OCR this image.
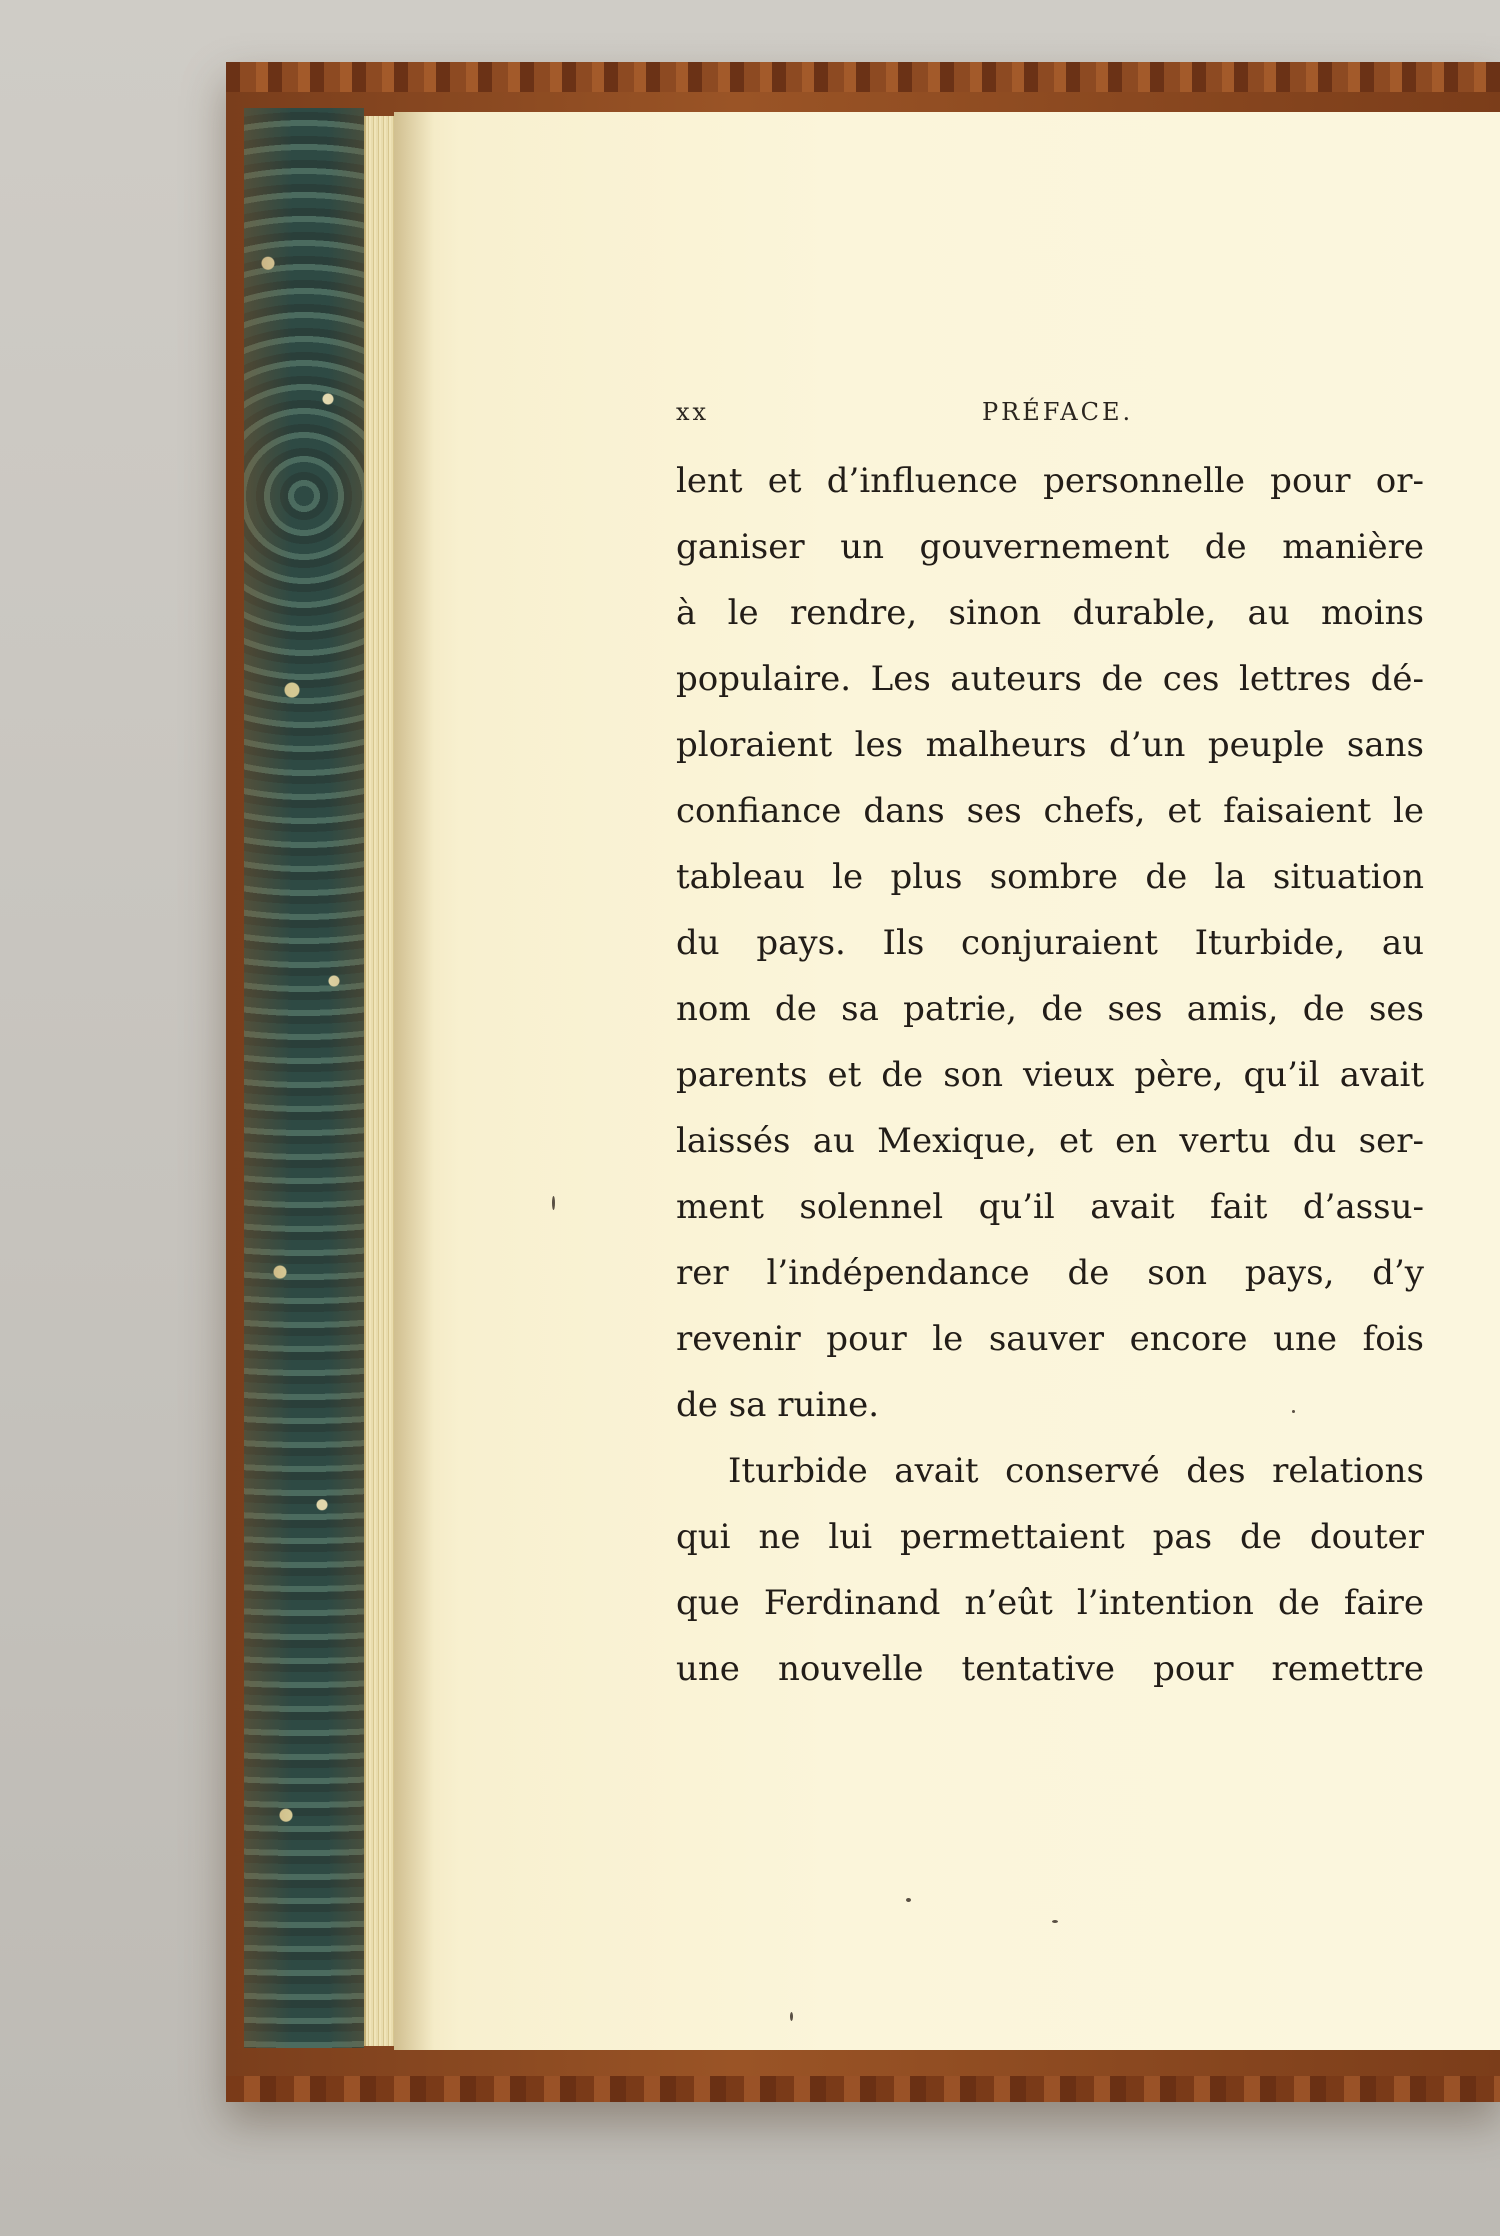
xx	PRÉFACE.
lent et d’influence personnelle pour or-
ganiser un gouvernement de manière
à le rendre, sinon durable, au moins
populaire. Les auteurs de ces lettres dé-
ploraient les malheurs d’un peuple sans
confiance dans ses chefs, et faisaient le
tableau le plus sombre de la situation
du pays. Ils conjuraient Iturbide, au
nom de sa patrie, de ses amis, de ses
parents et de son vieux père, qu’il avait
laissés au Mexique, et en vertu du ser-
ment solennel qu’il avait fait d’assu-
rer l’indépendance de son pays, d’y
revenir pour le sauver encore une fois
de sa ruine.
Iturbide avait conservé des relations
qui ne lui permettaient pas de douter
que Ferdinand n’eût l’intention de faire
une nouvelle tentative pour remettre
